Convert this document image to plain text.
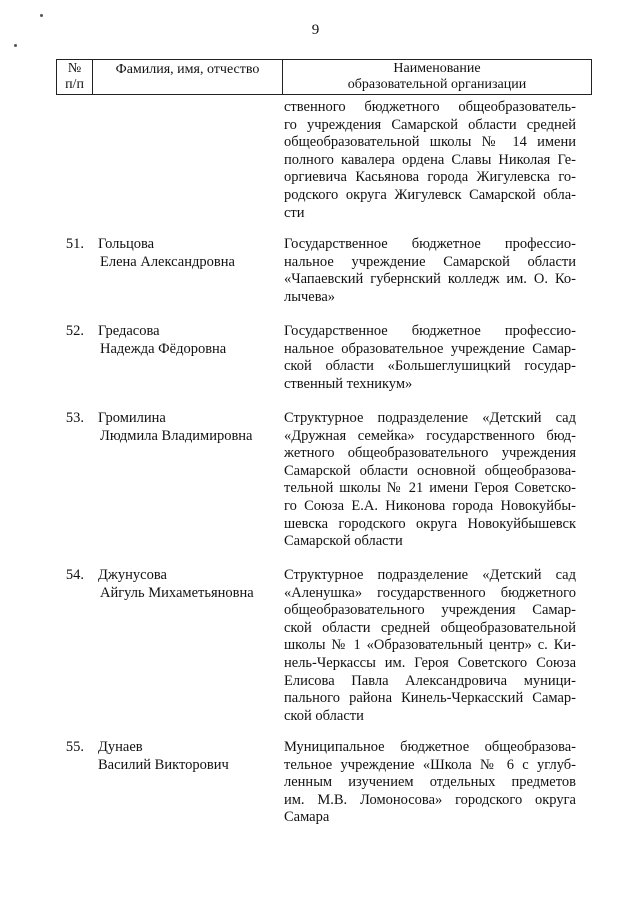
9
№
п/п
Фамилия, имя, отчество	Наименование
образовательной организации
ственного бюджетного общеобразователь-
го учреждения Самарской области средней
общеобразовательной школы № 14 имени
полного кавалера ордена Славы Николая Ге-
оргиевича Касьянова города Жигулевска го-
родского округа Жигулевск Самарской обла-
сти
51. Гольцова
Елена Александровна
Государственное бюджетное профессио-
нальное учреждение Самарской области
«Чапаевский губернский колледж им. О. Ко-
лычева»
52. Гредасова
Надежда Фёдоровна
Государственное бюджетное профессио-
нальное образовательное учреждение Самар-
ской области «Большеглушицкий государ-
ственный техникум»
53. Громилина
Людмила Владимировна
Структурное подразделение «Детский сад
«Дружная семейка» государственного бюд-
жетного общеобразовательного учреждения
Самарской области основной общеобразова-
тельной школы № 21 имени Героя Советско-
го Союза Е.А. Никонова города Новокуйбы-
шевска городского округа Новокуйбышевск
Самарской области
54. Джунусова
Айгуль Михаметьяновна
Структурное подразделение «Детский сад
«Аленушка» государственного бюджетного
общеобразовательного учреждения Самар-
ской области средней общеобразовательной
школы № 1 «Образовательный центр» с. Ки-
нель-Черкассы им. Героя Советского Союза
Елисова Павла Александровича муници-
пального района Кинель-Черкасский Самар-
ской области
55. Дунаев
Василий Викторович
Муниципальное бюджетное общеобразова-
тельное учреждение «Школа № 6 с углуб-
ленным изучением отдельных предметов
им. М.В. Ломоносова» городского округа
Самара
